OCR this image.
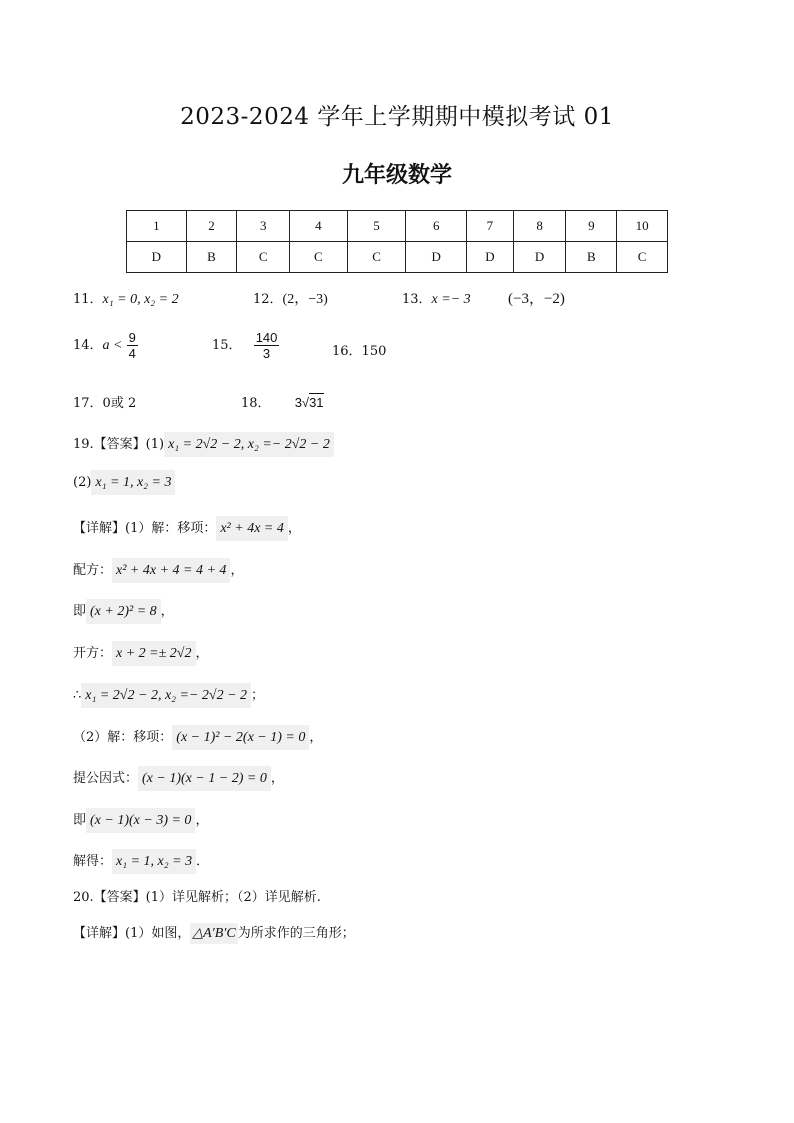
2023-2024 学年上学期期中模拟考试 01
九年级数学
1	2	3	4	5	6	7	8	9	10
D	B	C	C	C	D	D	D	B	C
11．x₁ = 0, x₂ = 2	12．(2，−3)	13．x =− 3 (−3，−2)
14．$a < \frac{9}{4}$	15． $\frac{140}{3}$	16．150
17．0或 2	18． 3√31
19.【答案】(1) x₁ = 2√2 − 2, x₂ =− 2√2 − 2
(2) x₁ = 1, x₂ = 3
【详解】(1）解：移项： x² + 4x = 4 ，
配方： x² + 4x + 4 = 4 + 4 ，
即 (x + 2)² = 8 ，
开方： x + 2 =± 2√2 ，
∴ x₁ = 2√2 − 2, x₂ =− 2√2 − 2 ；
（2）解：移项： (x − 1)² − 2(x − 1) = 0 ，
提公因式： (x − 1)(x − 1 − 2) = 0 ，
即 (x − 1)(x − 3) = 0 ，
解得： x₁ = 1, x₂ = 3 ．
20.【答案】(1）详见解析；（2）详见解析.
【详解】(1）如图， △A′B′C 为所求作的三角形；
